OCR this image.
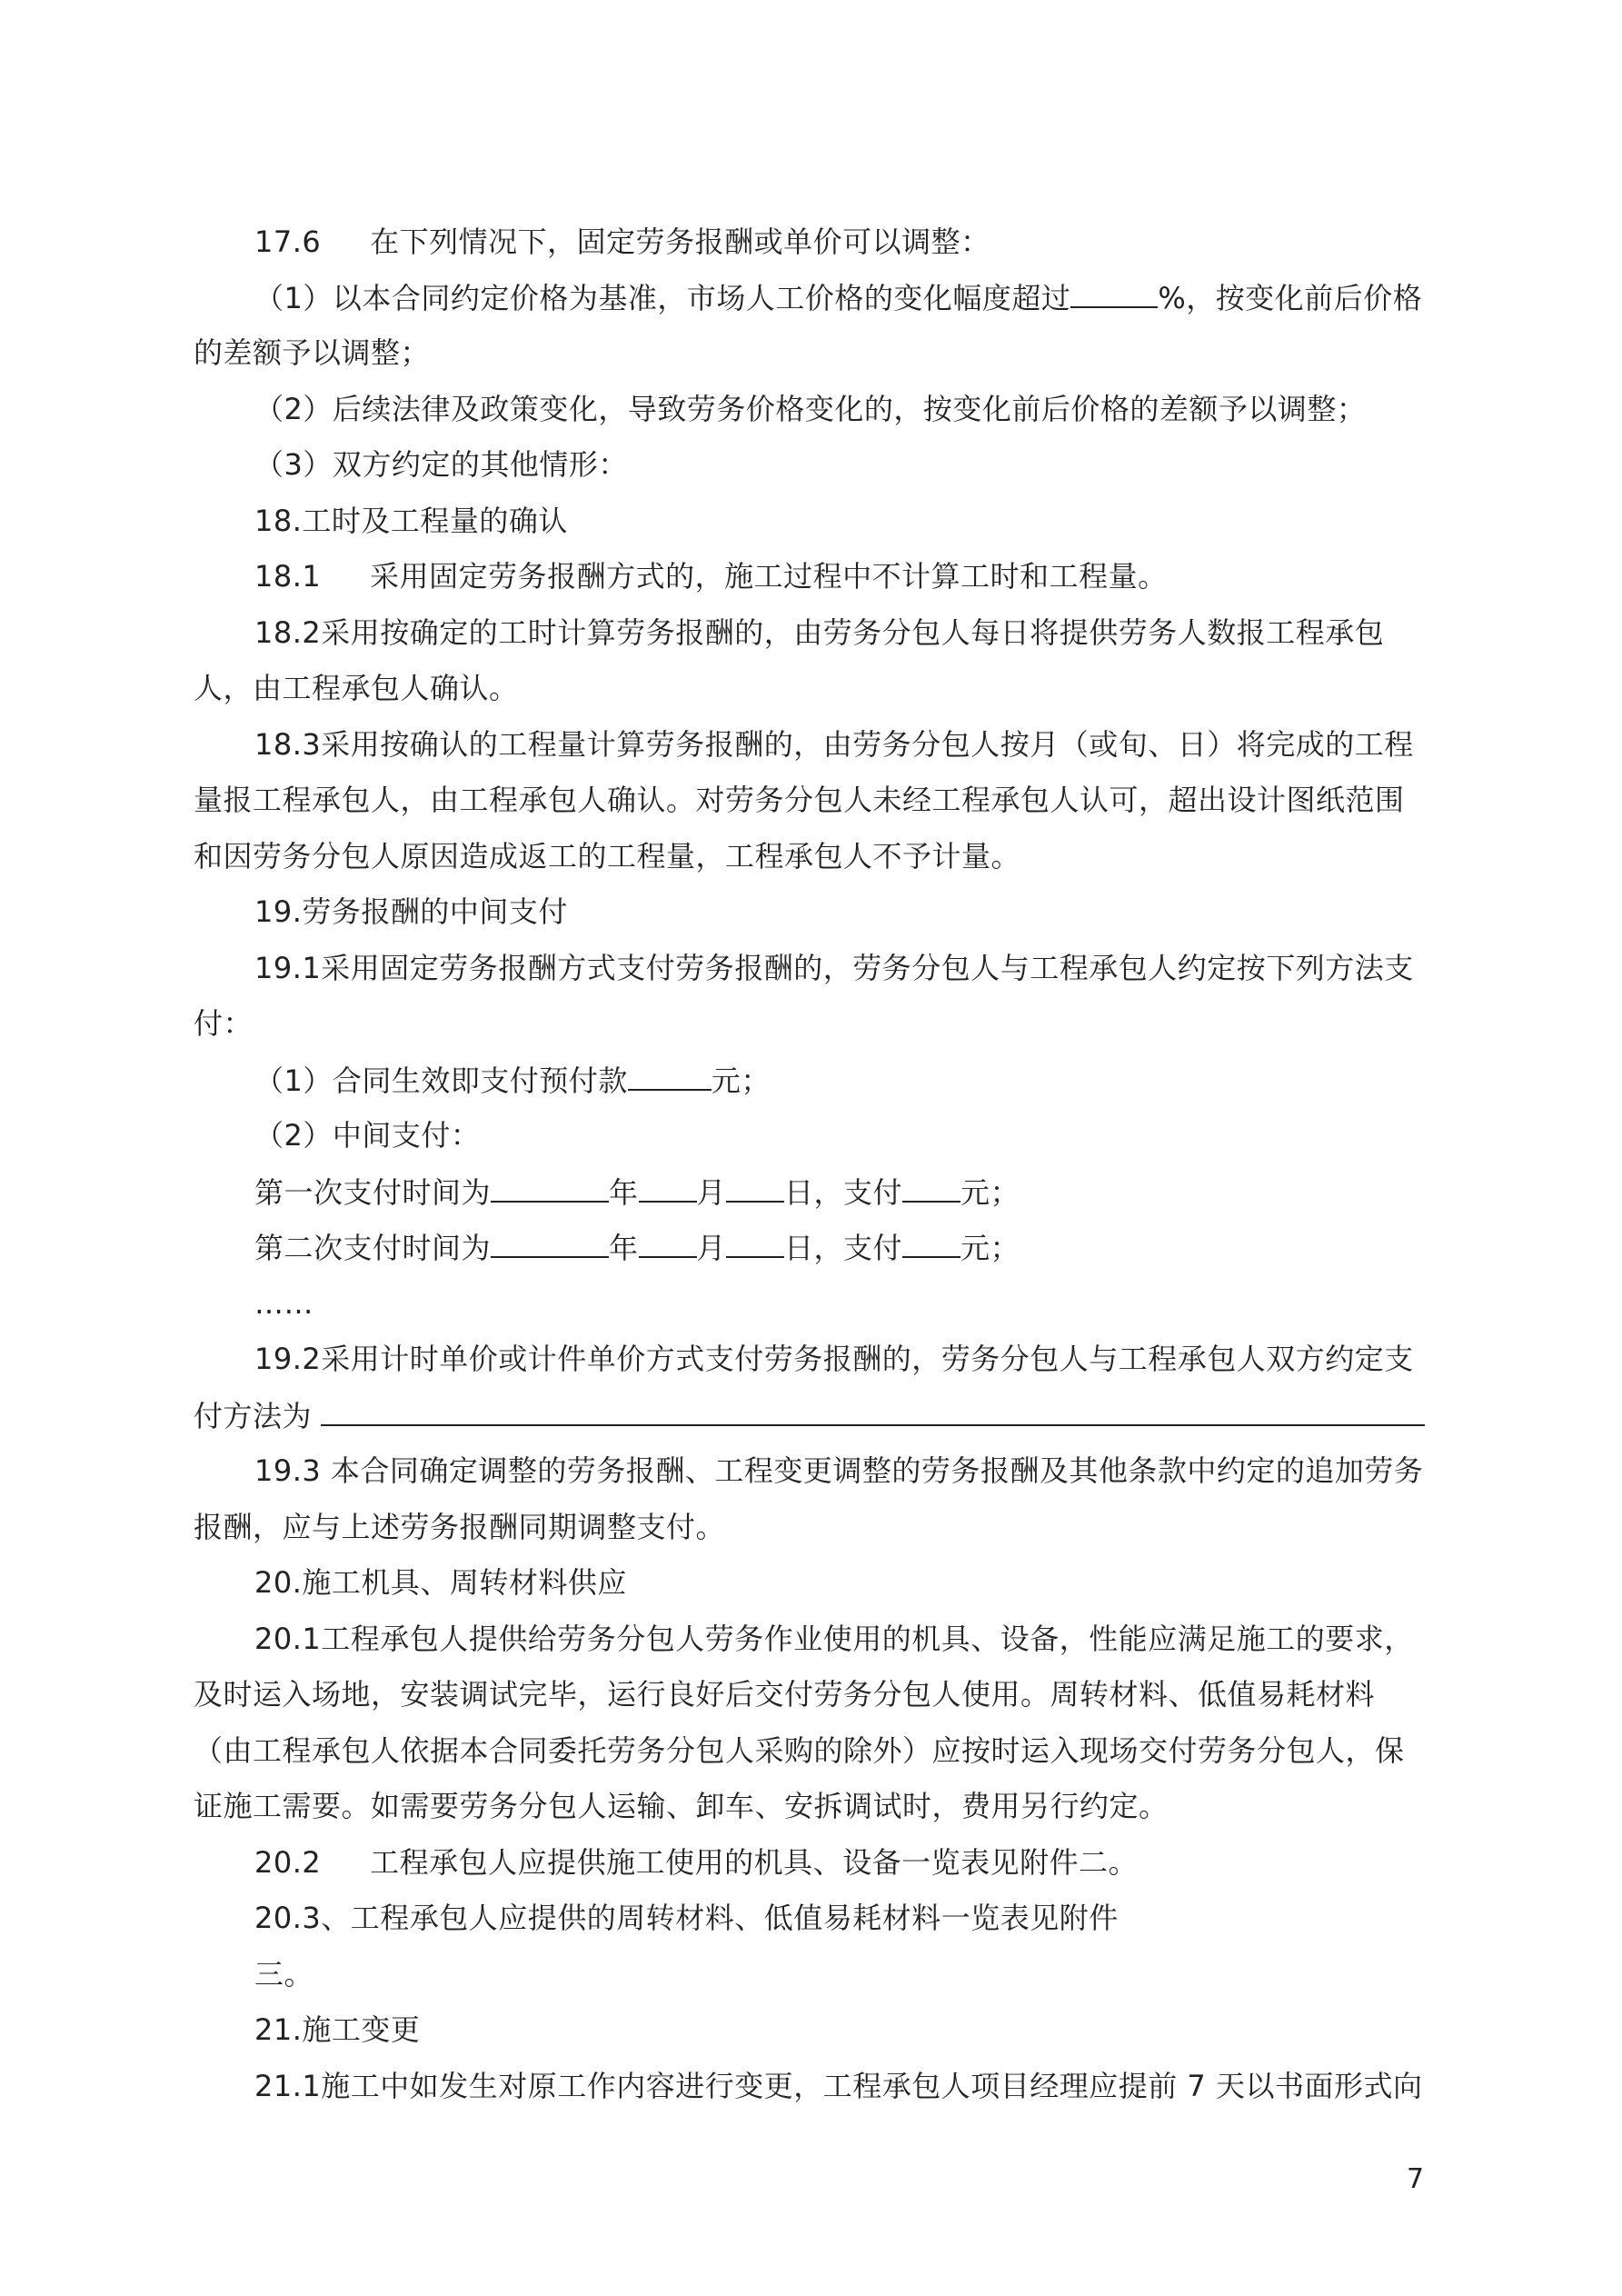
17.6　  在下列情况下，固定劳务报酬或单价可以调整：
（1）以本合同约定价格为基准，市场人工价格的变化幅度超过	%，按变化前后价格
的差额予以调整；
（2）后续法律及政策变化，导致劳务价格变化的，按变化前后价格的差额予以调整；
（3）双方约定的其他情形：
18.工时及工程量的确认
18.1　  采用固定劳务报酬方式的，施工过程中不计算工时和工程量。
18.2采用按确定的工时计算劳务报酬的，由劳务分包人每日将提供劳务人数报工程承包
人，由工程承包人确认。
18.3采用按确认的工程量计算劳务报酬的，由劳务分包人按月（或旬、日）将完成的工程
量报工程承包人，由工程承包人确认。对劳务分包人未经工程承包人认可，超出设计图纸范围
和因劳务分包人原因造成返工的工程量，工程承包人不予计量。
19.劳务报酬的中间支付
19.1采用固定劳务报酬方式支付劳务报酬的，劳务分包人与工程承包人约定按下列方法支
付：
（1）合同生效即支付预付款	元；
（2）中间支付：
第一次支付时间为	年 月 日，支付 元；
第二次支付时间为	年 月 日，支付 元；
……
19.2采用计时单价或计件单价方式支付劳务报酬的，劳务分包人与工程承包人双方约定支
付方法为
19.3 本合同确定调整的劳务报酬、工程变更调整的劳务报酬及其他条款中约定的追加劳务
报酬，应与上述劳务报酬同期调整支付。
20.施工机具、周转材料供应
20.1工程承包人提供给劳务分包人劳务作业使用的机具、设备，性能应满足施工的要求，
及时运入场地，安装调试完毕，运行良好后交付劳务分包人使用。周转材料、低值易耗材料
（由工程承包人依据本合同委托劳务分包人采购的除外）应按时运入现场交付劳务分包人，保
证施工需要。如需要劳务分包人运输、卸车、安拆调试时，费用另行约定。
20.2　  工程承包人应提供施工使用的机具、设备一览表见附件二。
20.3、工程承包人应提供的周转材料、低值易耗材料一览表见附件
三。
21.施工变更
21.1施工中如发生对原工作内容进行变更，工程承包人项目经理应提前 7 天以书面形式向
7
